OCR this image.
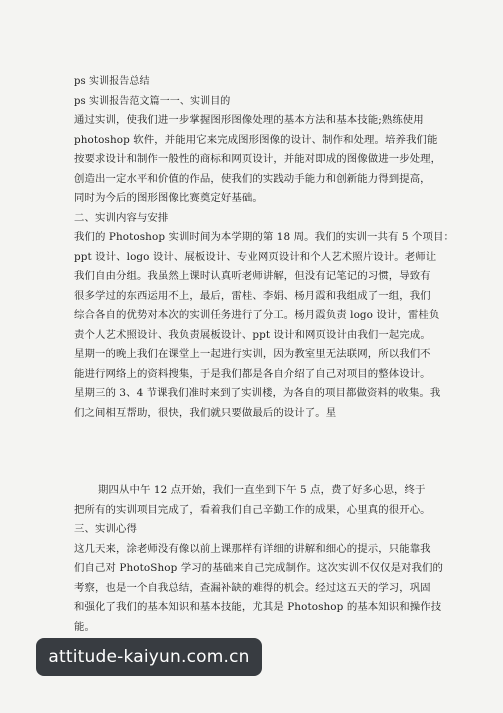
ps 实训报告总结
ps 实训报告范文篇一一、实训目的
通过实训，使我们进一步掌握图形图像处理的基本方法和基本技能;熟练使用
photoshop 软件，并能用它来完成图形图像的设计、制作和处理。培养我们能
按要求设计和制作一般性的商标和网页设计，并能对即成的图像做进一步处理，
创造出一定水平和价值的作品，使我们的实践动手能力和创新能力得到提高，
同时为今后的图形图像比赛奠定好基础。
二、实训内容与安排
我们的 Photoshop 实训时间为本学期的第 18 周。我们的实训一共有 5 个项目：
ppt 设计、logo 设计、展板设计、专业网页设计和个人艺术照片设计。老师让
我们自由分组。我虽然上课时认真听老师讲解，但没有记笔记的习惯，导致有
很多学过的东西运用不上，最后，雷桂、李娟、杨月霞和我组成了一组，我们
综合各自的优势对本次的实训任务进行了分工。杨月霞负责 logo 设计，雷桂负
责个人艺术照设计、我负责展板设计、ppt 设计和网页设计由我们一起完成。
星期一的晚上我们在课堂上一起进行实训，因为教室里无法联网，所以我们不
能进行网络上的资料搜集，于是我们都是各自介绍了自己对项目的整体设计。
星期三的 3、4 节课我们准时来到了实训楼，为各自的项目都做资料的收集。我
们之间相互帮助，很快，我们就只要做最后的设计了。星
期四从中午 12 点开始，我们一直坐到下午 5 点，费了好多心思，终于
把所有的实训项目完成了，看着我们自己辛勤工作的成果，心里真的很开心。
三、实训心得
这几天来，涂老师没有像以前上课那样有详细的讲解和细心的提示，只能靠我
们自己对 PhotoShop 学习的基础来自己完成制作。这次实训不仅仅是对我们的
考察，也是一个自我总结，查漏补缺的难得的机会。经过这五天的学习，巩固
和强化了我们的基本知识和基本技能，尤其是 Photoshop 的基本知识和操作技
能。
attitude-kaiyun.com.cn
